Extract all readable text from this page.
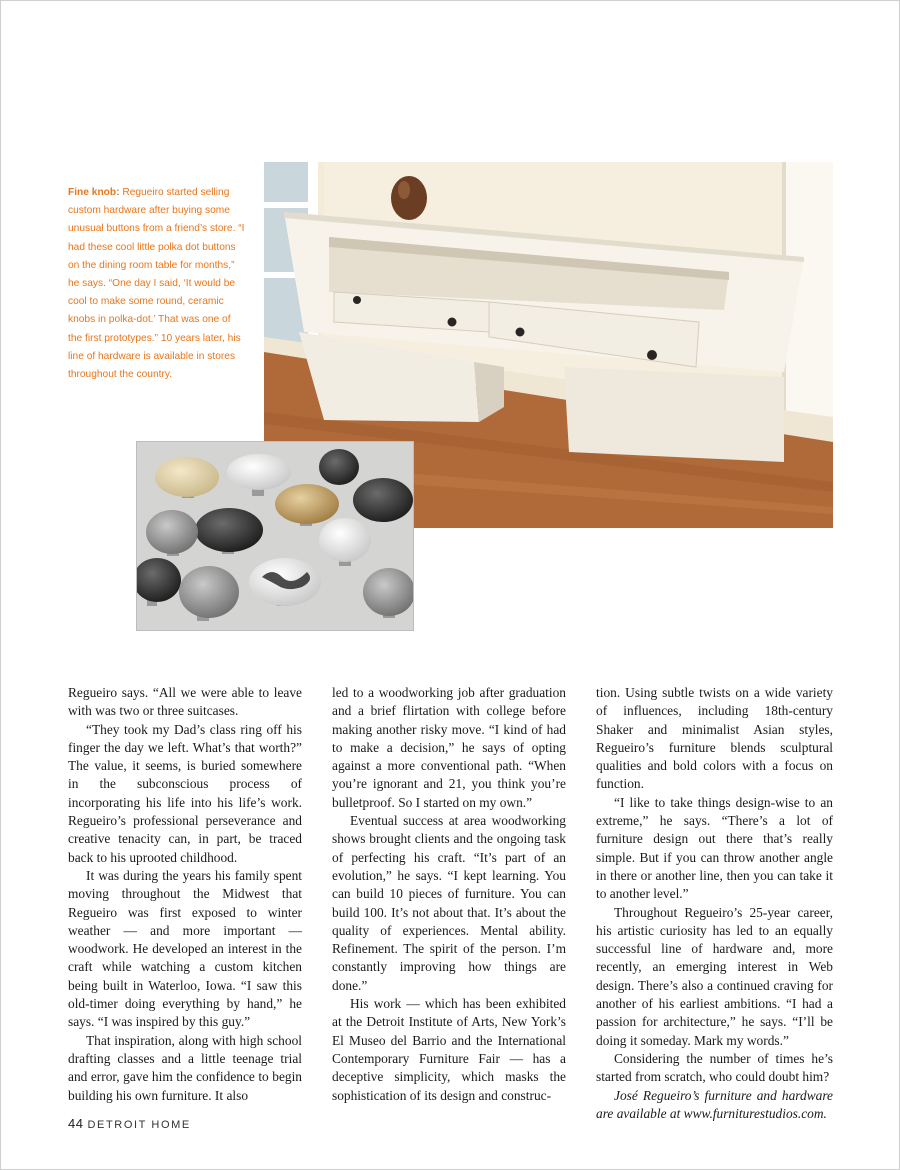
Fine knob: Regueiro started selling custom hardware after buying some unusual buttons from a friend’s store. “I had these cool little polka dot buttons on the dining room table for months,” he says. “One day I said, ‘It would be cool to make some round, ceramic knobs in polka-dot.’ That was one of the first prototypes.” 10 years later, his line of hardware is available in stores throughout the country.

Regueiro says. “All we were able to leave with was two or three suitcases.

“They took my Dad’s class ring off his finger the day we left. What’s that worth?” The value, it seems, is buried somewhere in the subconscious process of incorporating his life into his life’s work. Regueiro’s professional perseverance and creative tenacity can, in part, be traced back to his uprooted childhood.

It was during the years his family spent moving throughout the Midwest that Regueiro was first exposed to winter weather — and more important — woodwork. He developed an interest in the craft while watching a custom kitchen being built in Waterloo, Iowa. “I saw this old-timer doing everything by hand,” he says. “I was inspired by this guy.”

That inspiration, along with high school drafting classes and a little teenage trial and error, gave him the confidence to begin building his own furniture. It also

led to a woodworking job after graduation and a brief flirtation with college before making another risky move. “I kind of had to make a decision,” he says of opting against a more conventional path. “When you’re ignorant and 21, you think you’re bulletproof. So I started on my own.”

Eventual success at area woodworking shows brought clients and the ongoing task of perfecting his craft. “It’s part of an evolution,” he says. “I kept learning. You can build 10 pieces of furniture. You can build 100. It’s not about that. It’s about the quality of experiences. Mental ability. Refinement. The spirit of the person. I’m constantly improving how things are done.”

His work — which has been exhibited at the Detroit Institute of Arts, New York’s El Museo del Barrio and the International Contemporary Furniture Fair — has a deceptive simplicity, which masks the sophistication of its design and construc-

tion. Using subtle twists on a wide variety of influences, including 18th-century Shaker and minimalist Asian styles, Regueiro’s furniture blends sculptural qualities and bold colors with a focus on function.

“I like to take things design-wise to an extreme,” he says. “There’s a lot of furniture design out there that’s really simple. But if you can throw another angle in there or another line, then you can take it to another level.”

Throughout Regueiro’s 25-year career, his artistic curiosity has led to an equally successful line of hardware and, more recently, an emerging interest in Web design. There’s also a continued craving for another of his earliest ambitions. “I had a passion for architecture,” he says. “I’ll be doing it someday. Mark my words.”

Considering the number of times he’s started from scratch, who could doubt him?

José Regueiro’s furniture and hardware are available at www.furniturestudios.com.

44 DETROIT HOME
